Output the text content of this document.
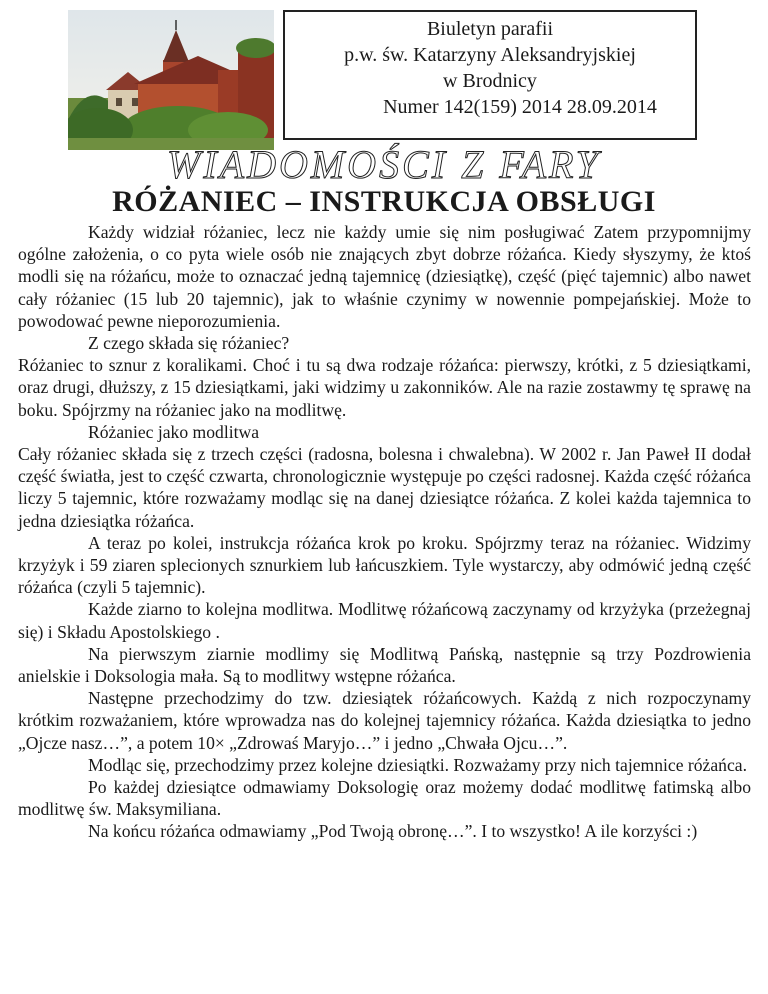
Biuletyn parafii
p.w. św. Katarzyny Aleksandryjskiej
w Brodnicy
Numer 142(159) 2014 28.09.2014
WIADOMOŚCI Z FARY
RÓŻANIEC – INSTRUKCJA OBSŁUGI

Każdy widział różaniec, lecz nie każdy umie się nim posługiwać Zatem przypomnijmy ogólne założenia, o co pyta wiele osób nie znających zbyt dobrze różańca. Kiedy słyszymy, że ktoś modli się na różańcu, może to oznaczać jedną tajemnicę (dziesiątkę), część (pięć tajemnic) albo nawet cały różaniec (15 lub 20 tajemnic), jak to właśnie czynimy w nowennie pompejańskiej. Może to powodować pewne nieporozumienia.

Z czego składa się różaniec?

Różaniec to sznur z koralikami. Choć i tu są dwa rodzaje różańca: pierwszy, krótki, z 5 dziesiątkami, oraz drugi, dłuższy, z 15 dziesiątkami, jaki widzimy u zakonników. Ale na razie zostawmy tę sprawę na boku. Spójrzmy na różaniec jako na modlitwę.

Różaniec jako modlitwa

Cały różaniec składa się z trzech części (radosna, bolesna i chwalebna). W 2002 r. Jan Paweł II dodał część światła, jest to część czwarta, chronologicznie występuje po części radosnej. Każda część różańca liczy 5 tajemnic, które rozważamy modląc się na danej dziesiątce różańca. Z kolei każda tajemnica to jedna dziesiątka różańca.

A teraz po kolei, instrukcja różańca krok po kroku. Spójrzmy teraz na różaniec. Widzimy krzyżyk i 59 ziaren splecionych sznurkiem lub łańcuszkiem. Tyle wystarczy, aby odmówić jedną część różańca (czyli 5 tajemnic).

Każde ziarno to kolejna modlitwa. Modlitwę różańcową zaczynamy od krzyżyka (przeżegnaj się) i Składu Apostolskiego .

Na pierwszym ziarnie modlimy się Modlitwą Pańską, następnie są trzy Pozdrowienia anielskie i Doksologia mała. Są to modlitwy wstępne różańca.

Następne przechodzimy do tzw. dziesiątek różańcowych. Każdą z nich rozpoczynamy krótkim rozważaniem, które wprowadza nas do kolejnej tajemnicy różańca. Każda dziesiątka to jedno „Ojcze nasz…”, a potem 10× „Zdrowaś Maryjo…” i jedno „Chwała Ojcu…”.

Modląc się, przechodzimy przez kolejne dziesiątki. Rozważamy przy nich tajemnice różańca.

Po każdej dziesiątce odmawiamy Doksologię oraz możemy dodać modlitwę fatimską albo modlitwę św. Maksymiliana.

Na końcu różańca odmawiamy „Pod Twoją obronę…”. I to wszystko! A ile korzyści :)
